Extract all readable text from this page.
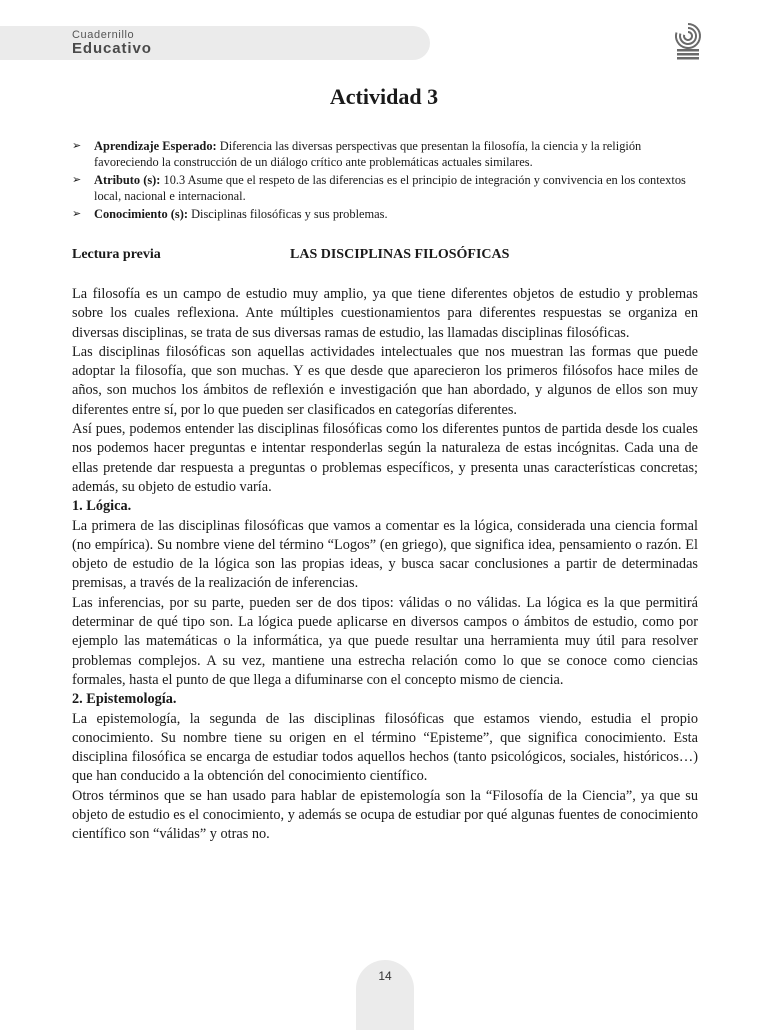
Cuadernillo
Educativo
Actividad 3
➢ Aprendizaje Esperado: Diferencia las diversas perspectivas que presentan la filosofía, la ciencia y la religión favoreciendo la construcción de un diálogo crítico ante problemáticas actuales similares.
➢ Atributo (s): 10.3 Asume que el respeto de las diferencias es el principio de integración y convivencia en los contextos local, nacional e internacional.
➢ Conocimiento (s): Disciplinas filosóficas y sus problemas.
Lectura previa	LAS DISCIPLINAS FILOSÓFICAS

La filosofía es un campo de estudio muy amplio, ya que tiene diferentes objetos de estudio y problemas sobre los cuales reflexiona. Ante múltiples cuestionamientos para diferentes respuestas se organiza en diversas disciplinas, se trata de sus diversas ramas de estudio, las llamadas disciplinas filosóficas.

Las disciplinas filosóficas son aquellas actividades intelectuales que nos muestran las formas que puede adoptar la filosofía, que son muchas. Y es que desde que aparecieron los primeros filósofos hace miles de años, son muchos los ámbitos de reflexión e investigación que han abordado, y algunos de ellos son muy diferentes entre sí, por lo que pueden ser clasificados en categorías diferentes.

Así pues, podemos entender las disciplinas filosóficas como los diferentes puntos de partida desde los cuales nos podemos hacer preguntas e intentar responderlas según la naturaleza de estas incógnitas. Cada una de ellas pretende dar respuesta a preguntas o problemas específicos, y presenta unas características concretas; además, su objeto de estudio varía.

1. Lógica.

La primera de las disciplinas filosóficas que vamos a comentar es la lógica, considerada una ciencia formal (no empírica). Su nombre viene del término “Logos” (en griego), que significa idea, pensamiento o razón. El objeto de estudio de la lógica son las propias ideas, y busca sacar conclusiones a partir de determinadas premisas, a través de la realización de inferencias.

Las inferencias, por su parte, pueden ser de dos tipos: válidas o no válidas. La lógica es la que permitirá determinar de qué tipo son. La lógica puede aplicarse en diversos campos o ámbitos de estudio, como por ejemplo las matemáticas o la informática, ya que puede resultar una herramienta muy útil para resolver problemas complejos. A su vez, mantiene una estrecha relación como lo que se conoce como ciencias formales, hasta el punto de que llega a difuminarse con el concepto mismo de ciencia.

2. Epistemología.

La epistemología, la segunda de las disciplinas filosóficas que estamos viendo, estudia el propio conocimiento. Su nombre tiene su origen en el término “Episteme”, que significa conocimiento. Esta disciplina filosófica se encarga de estudiar todos aquellos hechos (tanto psicológicos, sociales, históricos…) que han conducido a la obtención del conocimiento científico.

Otros términos que se han usado para hablar de epistemología son la “Filosofía de la Ciencia”, ya que su objeto de estudio es el conocimiento, y además se ocupa de estudiar por qué algunas fuentes de conocimiento científico son “válidas” y otras no.

14
